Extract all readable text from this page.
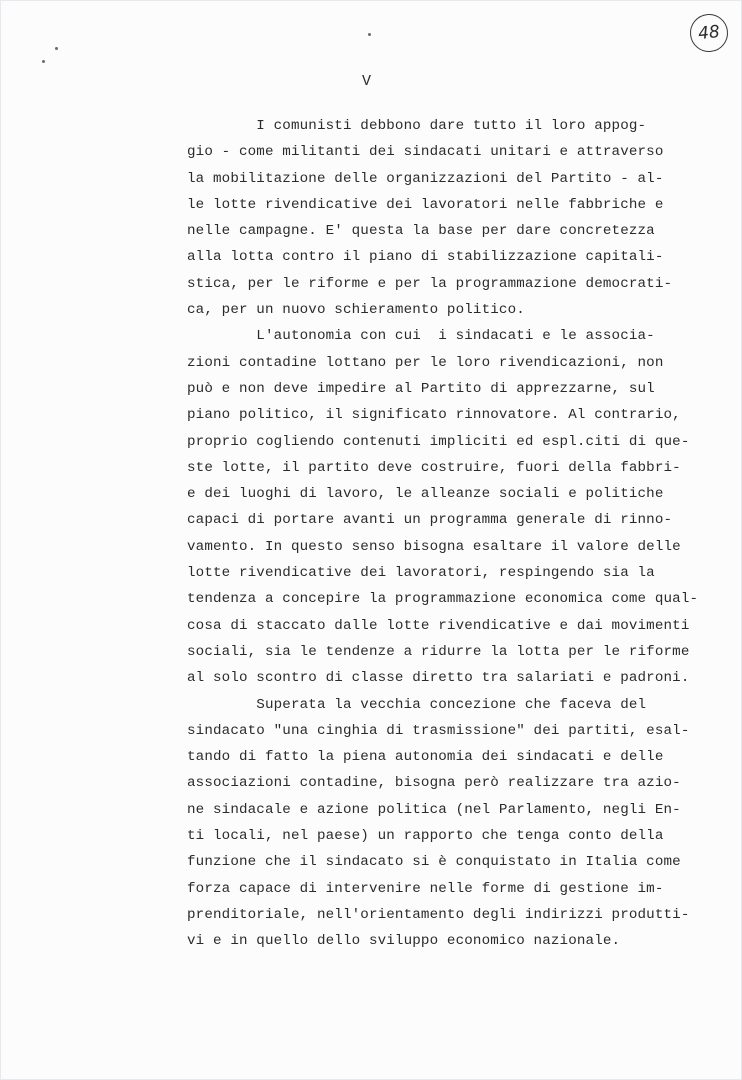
48
V
I comunisti debbono dare tutto il loro appog-
gio - come militanti dei sindacati unitari e attraverso
la mobilitazione delle organizzazioni del Partito - al-
le lotte rivendicative dei lavoratori nelle fabbriche e
nelle campagne. E' questa la base per dare concretezza
alla lotta contro il piano di stabilizzazione capitali-
stica, per le riforme e per la programmazione democrati-
ca, per un nuovo schieramento politico.
L'autonomia con cui  i sindacati e le associa-
zioni contadine lottano per le loro rivendicazioni, non
può e non deve impedire al Partito di apprezzarne, sul
piano politico, il significato rinnovatore. Al contrario,
proprio cogliendo contenuti impliciti ed espl.citi di que-
ste lotte, il partito deve costruire, fuori della fabbri-
e dei luoghi di lavoro, le alleanze sociali e politiche
capaci di portare avanti un programma generale di rinno-
vamento. In questo senso bisogna esaltare il valore delle
lotte rivendicative dei lavoratori, respingendo sia la
tendenza a concepire la programmazione economica come qual-
cosa di staccato dalle lotte rivendicative e dai movimenti
sociali, sia le tendenze a ridurre la lotta per le riforme
al solo scontro di classe diretto tra salariati e padroni.
Superata la vecchia concezione che faceva del
sindacato "una cinghia di trasmissione" dei partiti, esal-
tando di fatto la piena autonomia dei sindacati e delle
associazioni contadine, bisogna però realizzare tra azio-
ne sindacale e azione politica (nel Parlamento, negli En-
ti locali, nel paese) un rapporto che tenga conto della
funzione che il sindacato si è conquistato in Italia come
forza capace di intervenire nelle forme di gestione im-
prenditoriale, nell'orientamento degli indirizzi produtti-
vi e in quello dello sviluppo economico nazionale.
